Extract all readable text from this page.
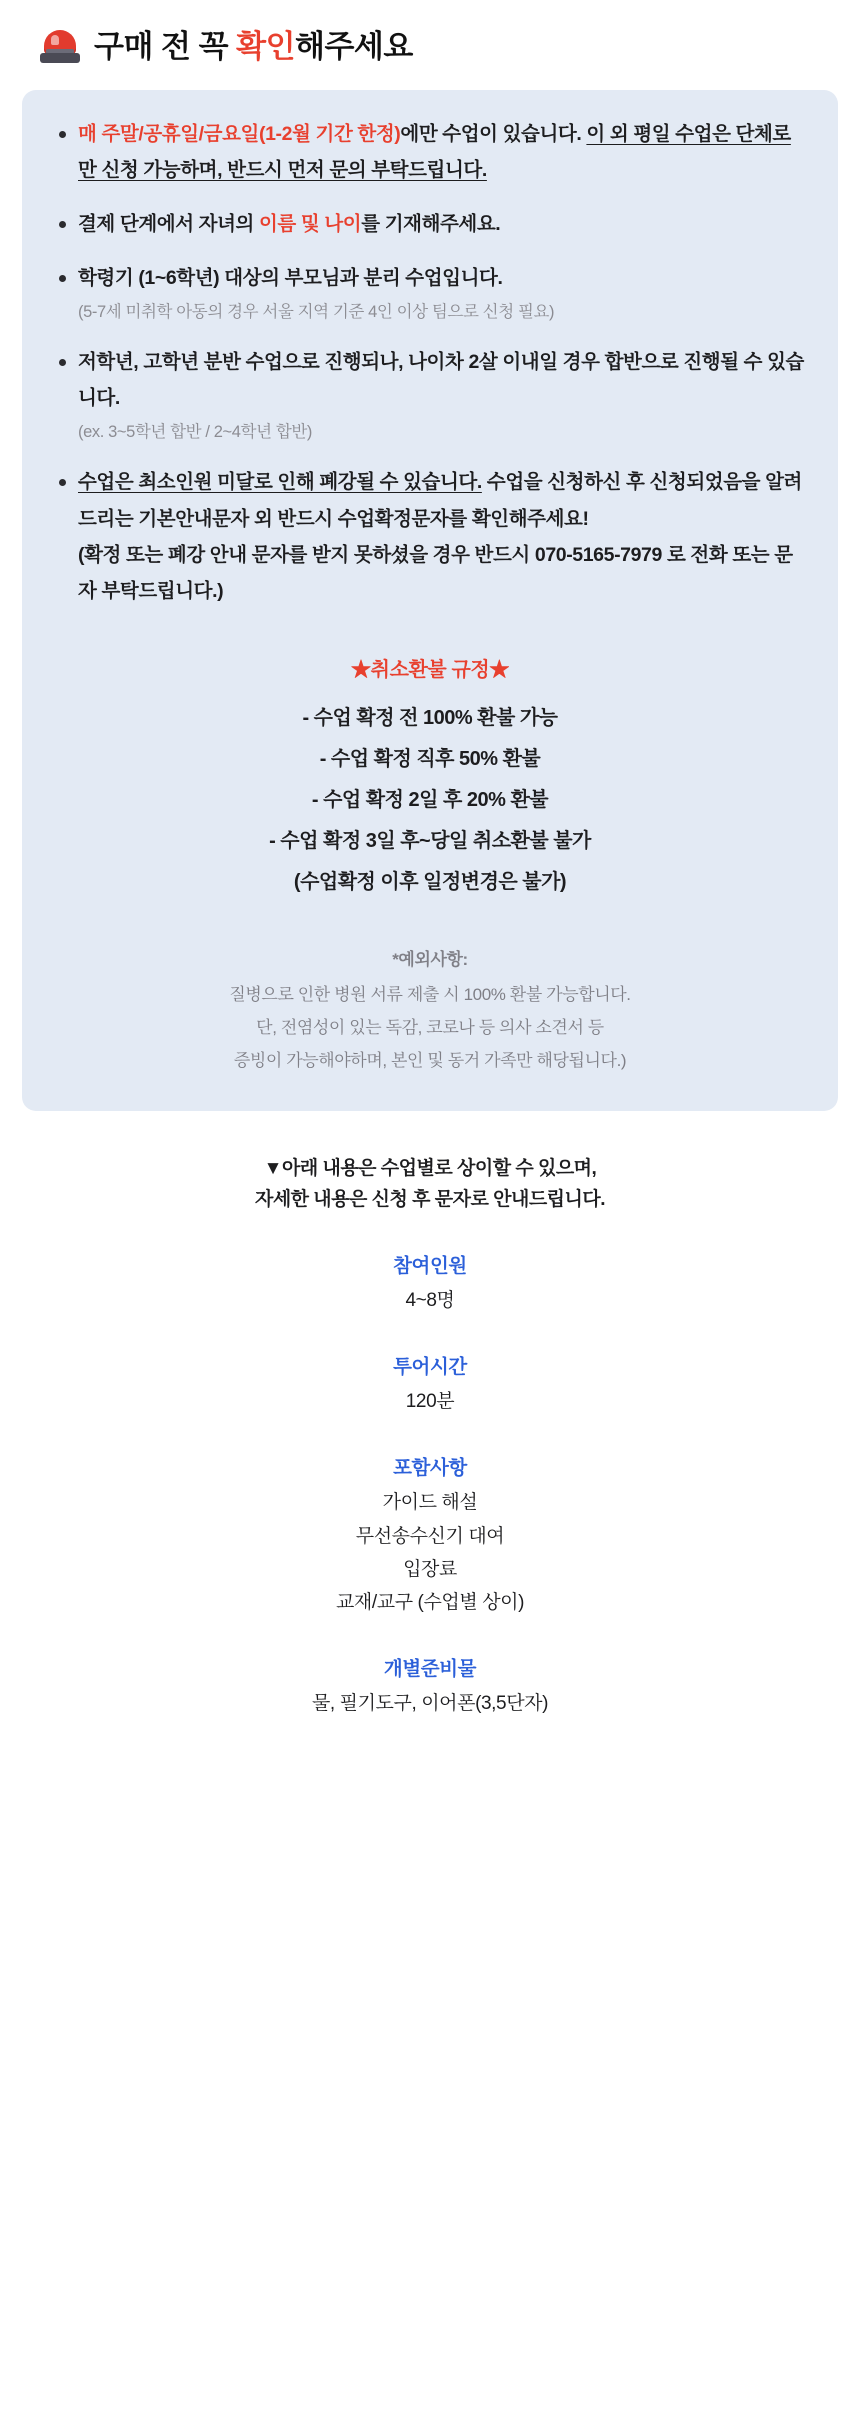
구매 전 꼭 확인해주세요
매 주말/공휴일/금요일(1-2월 기간 한정)에만 수업이 있습니다. 이 외 평일 수업은 단체로만 신청 가능하며, 반드시 먼저 문의 부탁드립니다.
결제 단계에서 자녀의 이름 및 나이를 기재해주세요.
학령기 (1~6학년) 대상의 부모님과 분리 수업입니다.
(5-7세 미취학 아동의 경우 서울 지역 기준 4인 이상 팀으로 신청 필요)
저학년, 고학년 분반 수업으로 진행되나, 나이차 2살 이내일 경우 합반으로 진행될 수 있습니다.
(ex. 3~5학년 합반 / 2~4학년 합반)
수업은 최소인원 미달로 인해 폐강될 수 있습니다. 수업을 신청하신 후 신청되었음을 알려드리는 기본안내문자 외 반드시 수업확정문자를 확인해주세요!
(확정 또는 폐강 안내 문자를 받지 못하셨을 경우 반드시 070-5165-7979 로 전화 또는 문자 부탁드립니다.)
★취소환불 규정★
- 수업 확정 전 100% 환불 가능
- 수업 확정 직후 50% 환불
- 수업 확정 2일 후 20% 환불
- 수업 확정 3일 후~당일 취소환불 불가
(수업확정 이후 일정변경은 불가)
*예외사항:
질병으로 인한 병원 서류 제출 시 100% 환불 가능합니다.
단, 전염성이 있는 독감, 코로나 등 의사 소견서 등
증빙이 가능해야하며, 본인 및 동거 가족만 해당됩니다.)
▼아래 내용은 수업별로 상이할 수 있으며,
자세한 내용은 신청 후 문자로 안내드립니다.
참여인원
4~8명
투어시간
120분
포함사항
가이드 해설
무선송수신기 대여
입장료
교재/교구 (수업별 상이)
개별준비물
물, 필기도구, 이어폰(3,5단자)
